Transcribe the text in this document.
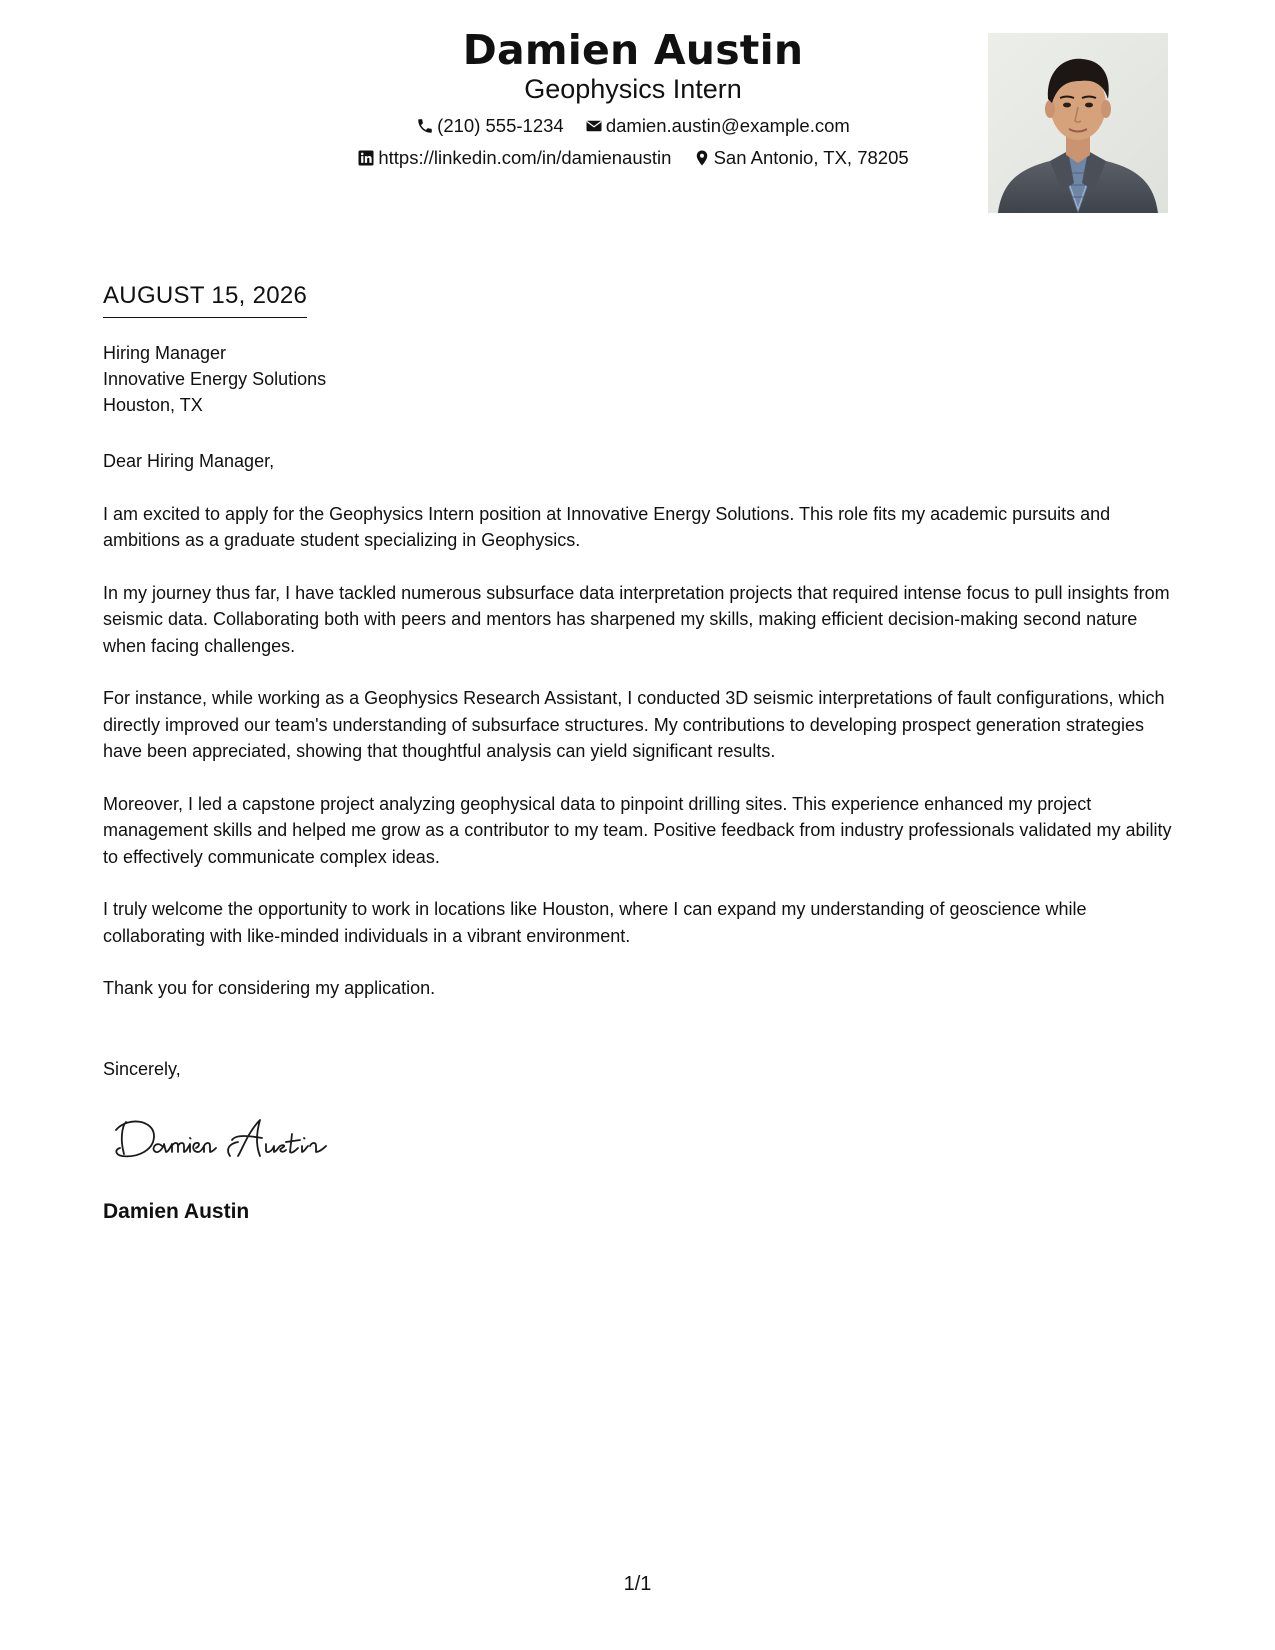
Damien Austin
Geophysics Intern
(210) 555-1234 damien.austin@example.com
https://linkedin.com/in/damienaustin San Antonio, TX, 78205
AUGUST 15, 2026
Hiring Manager
Innovative Energy Solutions
Houston, TX

Dear Hiring Manager,

I am excited to apply for the Geophysics Intern position at Innovative Energy Solutions. This role fits my academic pursuits and ambitions as a graduate student specializing in Geophysics.

In my journey thus far, I have tackled numerous subsurface data interpretation projects that required intense focus to pull insights from seismic data. Collaborating both with peers and mentors has sharpened my skills, making efficient decision-making second nature when facing challenges.

For instance, while working as a Geophysics Research Assistant, I conducted 3D seismic interpretations of fault configurations, which directly improved our team's understanding of subsurface structures. My contributions to developing prospect generation strategies have been appreciated, showing that thoughtful analysis can yield significant results.

Moreover, I led a capstone project analyzing geophysical data to pinpoint drilling sites. This experience enhanced my project management skills and helped me grow as a contributor to my team. Positive feedback from industry professionals validated my ability to effectively communicate complex ideas.

I truly welcome the opportunity to work in locations like Houston, where I can expand my understanding of geoscience while collaborating with like-minded individuals in a vibrant environment.

Thank you for considering my application.

Sincerely,
Damien Austin
1/1
